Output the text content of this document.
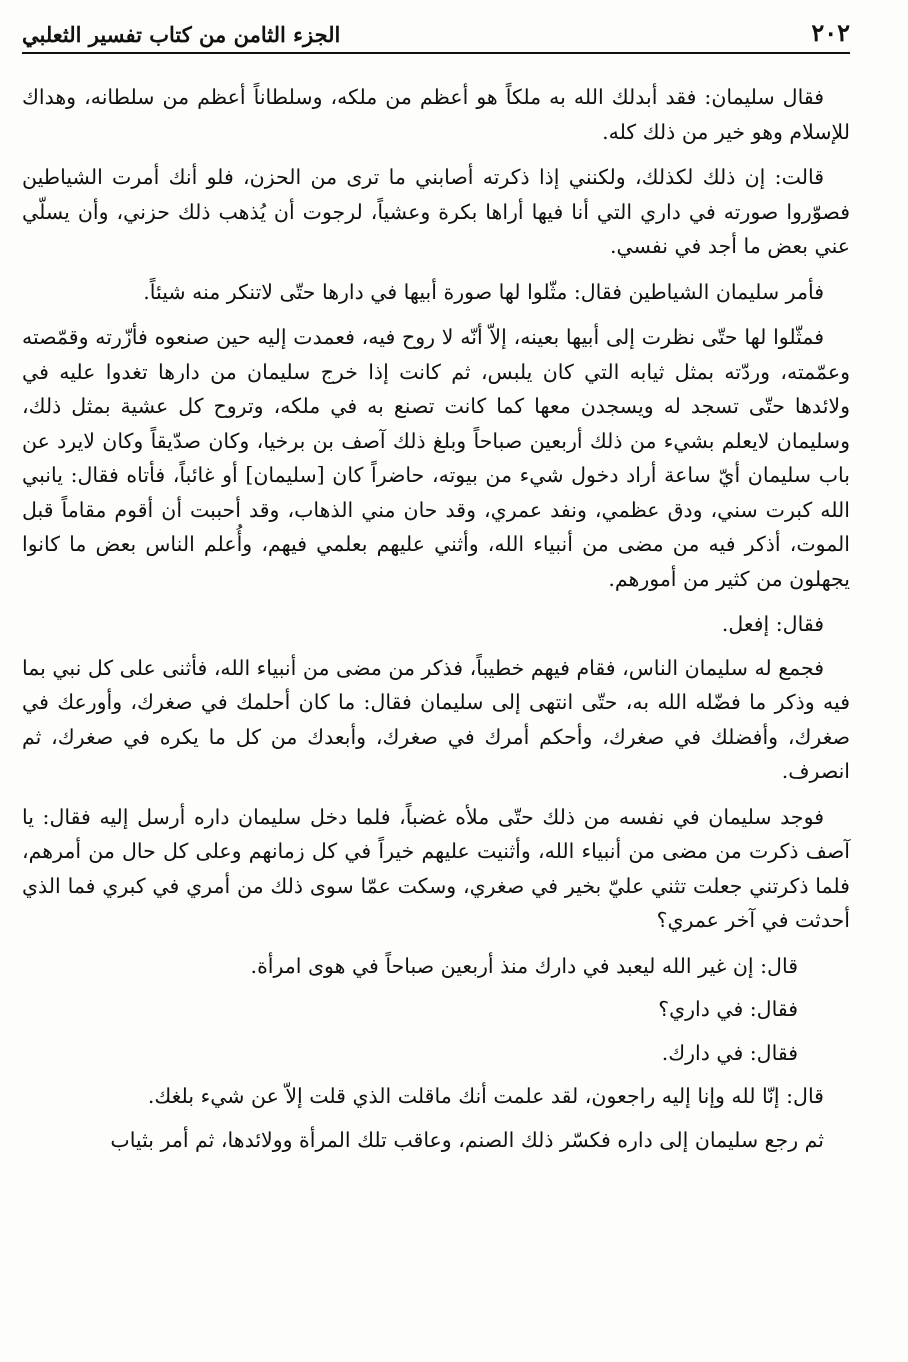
٢٠٢
الجزء الثامن من كتاب تفسير الثعلبي

فقال سليمان: فقد أبدلك الله به ملكاً هو أعظم من ملكه، وسلطاناً أعظم من سلطانه، وهداك للإسلام وهو خير من ذلك كله.

قالت: إن ذلك لكذلك، ولكنني إذا ذكرته أصابني ما ترى من الحزن، فلو أنك أمرت الشياطين فصوّروا صورته في داري التي أنا فيها أراها بكرة وعشياً، لرجوت أن يُذهب ذلك حزني، وأن يسلّي عني بعض ما أجد في نفسي.

فأمر سليمان الشياطين فقال: مثّلوا لها صورة أبيها في دارها حتّى لاتنكر منه شيئاً.

فمثّلوا لها حتّى نظرت إلى أبيها بعينه، إلاّ أنّه لا روح فيه، فعمدت إليه حين صنعوه فأزّرته وقمّصته وعمّمته، وردّته بمثل ثيابه التي كان يلبس، ثم كانت إذا خرج سليمان من دارها تغدوا عليه في ولائدها حتّى تسجد له ويسجدن معها كما كانت تصنع به في ملكه، وتروح كل عشية بمثل ذلك، وسليمان لايعلم بشيء من ذلك أربعين صباحاً وبلغ ذلك آصف بن برخيا، وكان صدّيقاً وكان لايرد عن باب سليمان أيّ ساعة أراد دخول شيء من بيوته، حاضراً كان [سليمان] أو غائباً، فأتاه فقال: يانبي الله كبرت سني، ودق عظمي، ونفد عمري، وقد حان مني الذهاب، وقد أحببت أن أقوم مقاماً قبل الموت، أذكر فيه من مضى من أنبياء الله، وأثني عليهم بعلمي فيهم، وأُعلم الناس بعض ما كانوا يجهلون من كثير من أمورهم.

فقال: إفعل.

فجمع له سليمان الناس، فقام فيهم خطيباً، فذكر من مضى من أنبياء الله، فأثنى على كل نبي بما فيه وذكر ما فضّله الله به، حتّى انتهى إلى سليمان فقال: ما كان أحلمك في صغرك، وأورعك في صغرك، وأفضلك في صغرك، وأحكم أمرك في صغرك، وأبعدك من كل ما يكره في صغرك، ثم انصرف.

فوجد سليمان في نفسه من ذلك حتّى ملأه غضباً، فلما دخل سليمان داره أرسل إليه فقال: يا آصف ذكرت من مضى من أنبياء الله، وأثنيت عليهم خيراً في كل زمانهم وعلى كل حال من أمرهم، فلما ذكرتني جعلت تثني عليّ بخير في صغري، وسكت عمّا سوى ذلك من أمري في كبري فما الذي أحدثت في آخر عمري؟

قال: إن غير الله ليعبد في دارك منذ أربعين صباحاً في هوى امرأة.

فقال: في داري؟

فقال: في دارك.

قال: إنّا لله وإنا إليه راجعون، لقد علمت أنك ماقلت الذي قلت إلاّ عن شيء بلغك.

ثم رجع سليمان إلى داره فكسّر ذلك الصنم، وعاقب تلك المرأة وولائدها، ثم أمر بثياب
